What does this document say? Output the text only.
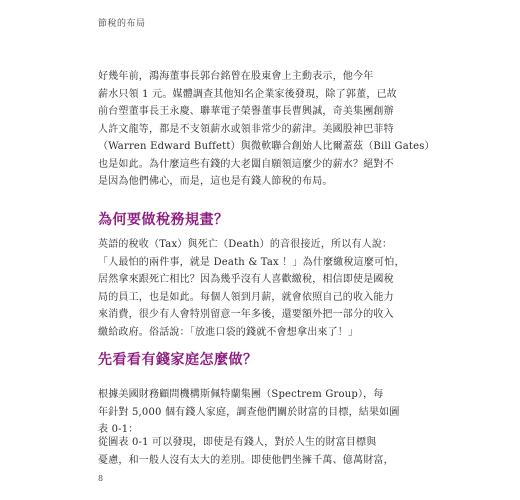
節稅的布局

好幾年前，鴻海董事長郭台銘曾在股東會上主動表示，他今年
薪水只領 1 元。媒體調查其他知名企業家後發現，除了郭董，已故
前台塑董事長王永慶、聯華電子榮譽董事長曹興誠，奇美集團創辦
人許文龍等，都是不支領薪水或領非常少的薪津。美國股神巴菲特
（Warren Edward Buffett）與微軟聯合創始人比爾蓋茲（Bill Gates）
也是如此。為什麼這些有錢的大老闆自願領這麼少的薪水？絕對不
是因為他們佛心，而是，這也是有錢人節稅的布局。

為何要做稅務規畫？

英語的稅收（Tax）與死亡（Death）的音很接近，所以有人說：
「人最怕的兩件事，就是 Death & Tax ！」為什麼繳稅這麼可怕，
居然拿來跟死亡相比？因為幾乎沒有人喜歡繳稅，相信即使是國稅
局的員工，也是如此。每個人領到月薪，就會依照自己的收入能力
來消費，很少有人會特別留意一年多後，還要額外把一部分的收入
繳給政府。俗話說：「放進口袋的錢就不會想拿出來了！」

先看看有錢家庭怎麼做？

根據美國財務顧問機構斯佩特蘭集團（Spectrem Group），每
年針對 5,000 個有錢人家庭，調查他們關於財富的目標，結果如圖
表 0-1：

從圖表 0-1 可以發現，即使是有錢人，對於人生的財富目標與
憂慮，和一般人沒有太大的差別。即使他們坐擁千萬、億萬財富，

8
